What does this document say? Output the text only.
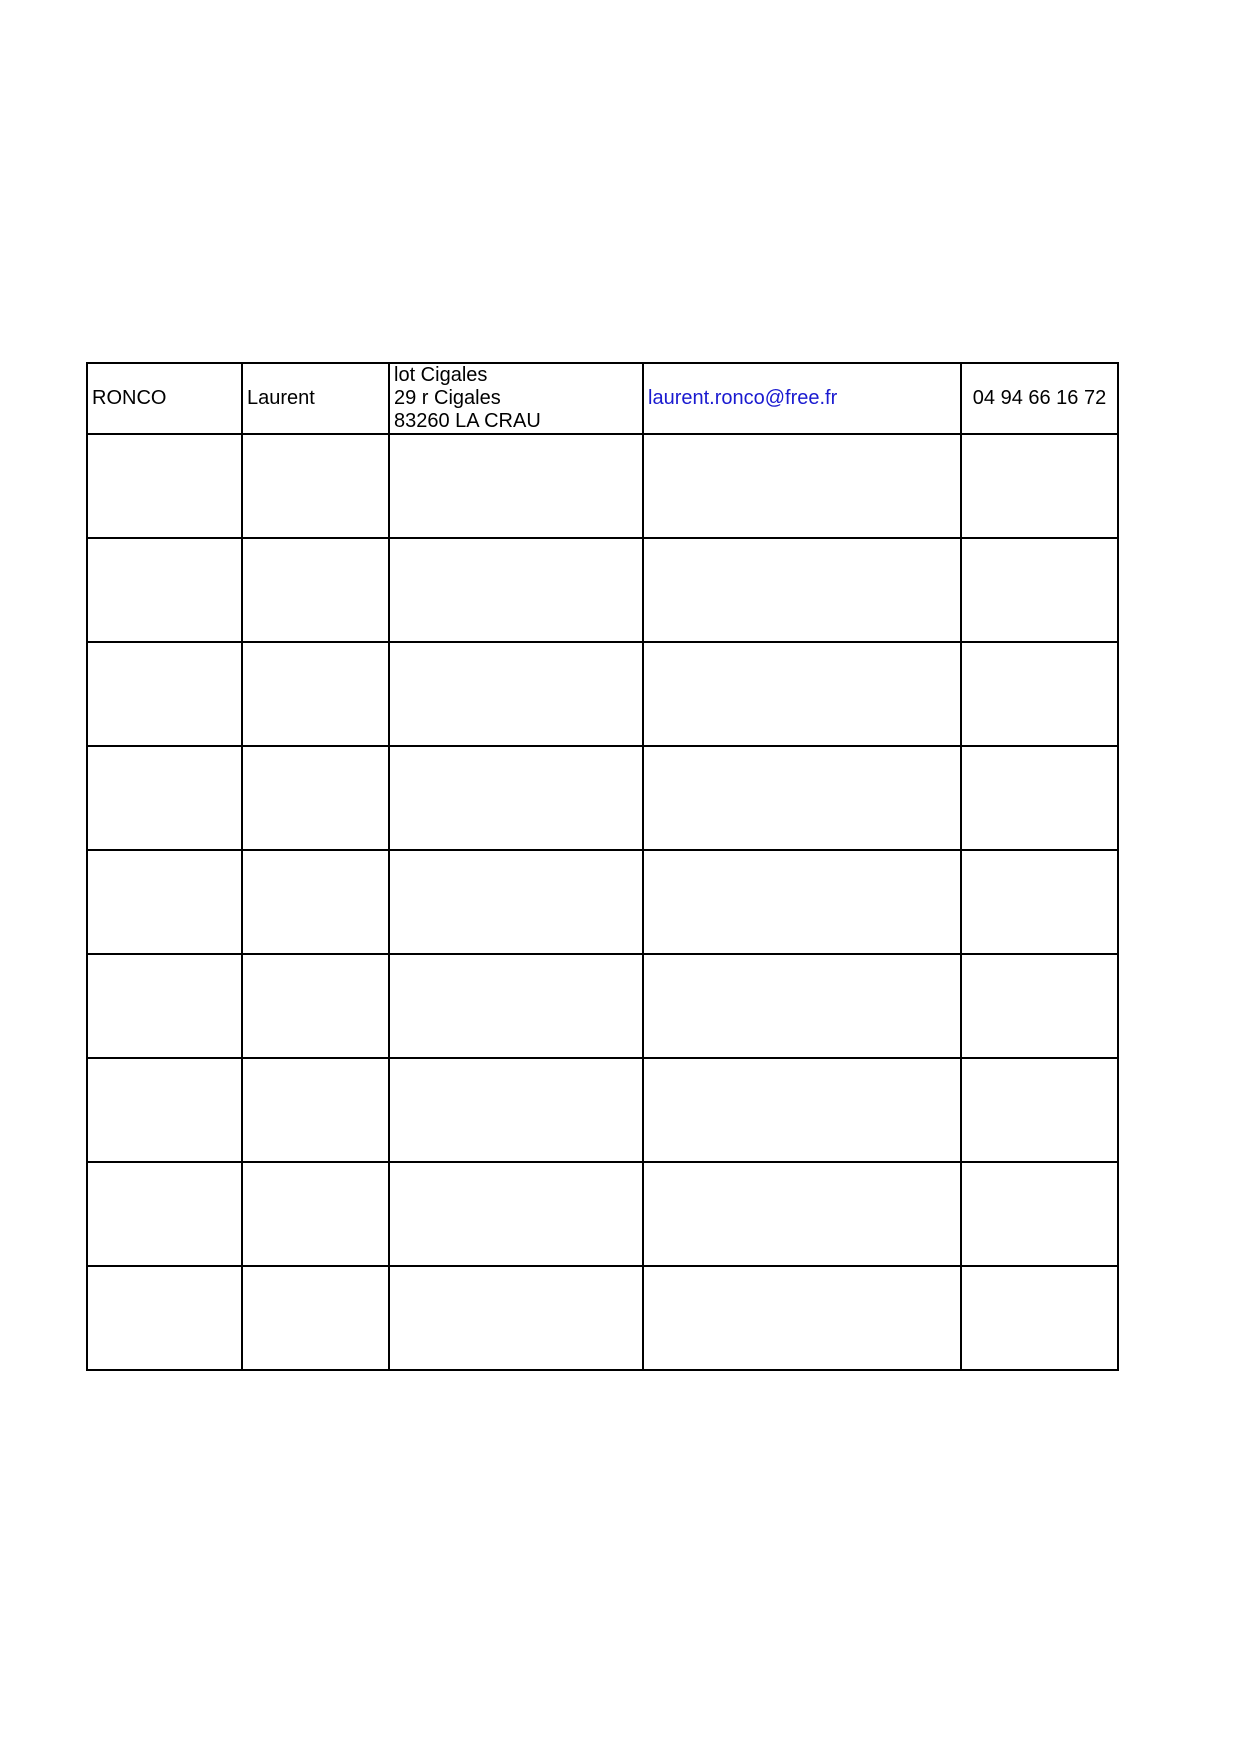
RONCO	Laurent	lot Cigales
29 r Cigales
83260 LA CRAU	laurent.ronco@free.fr	04 94 66 16 72
